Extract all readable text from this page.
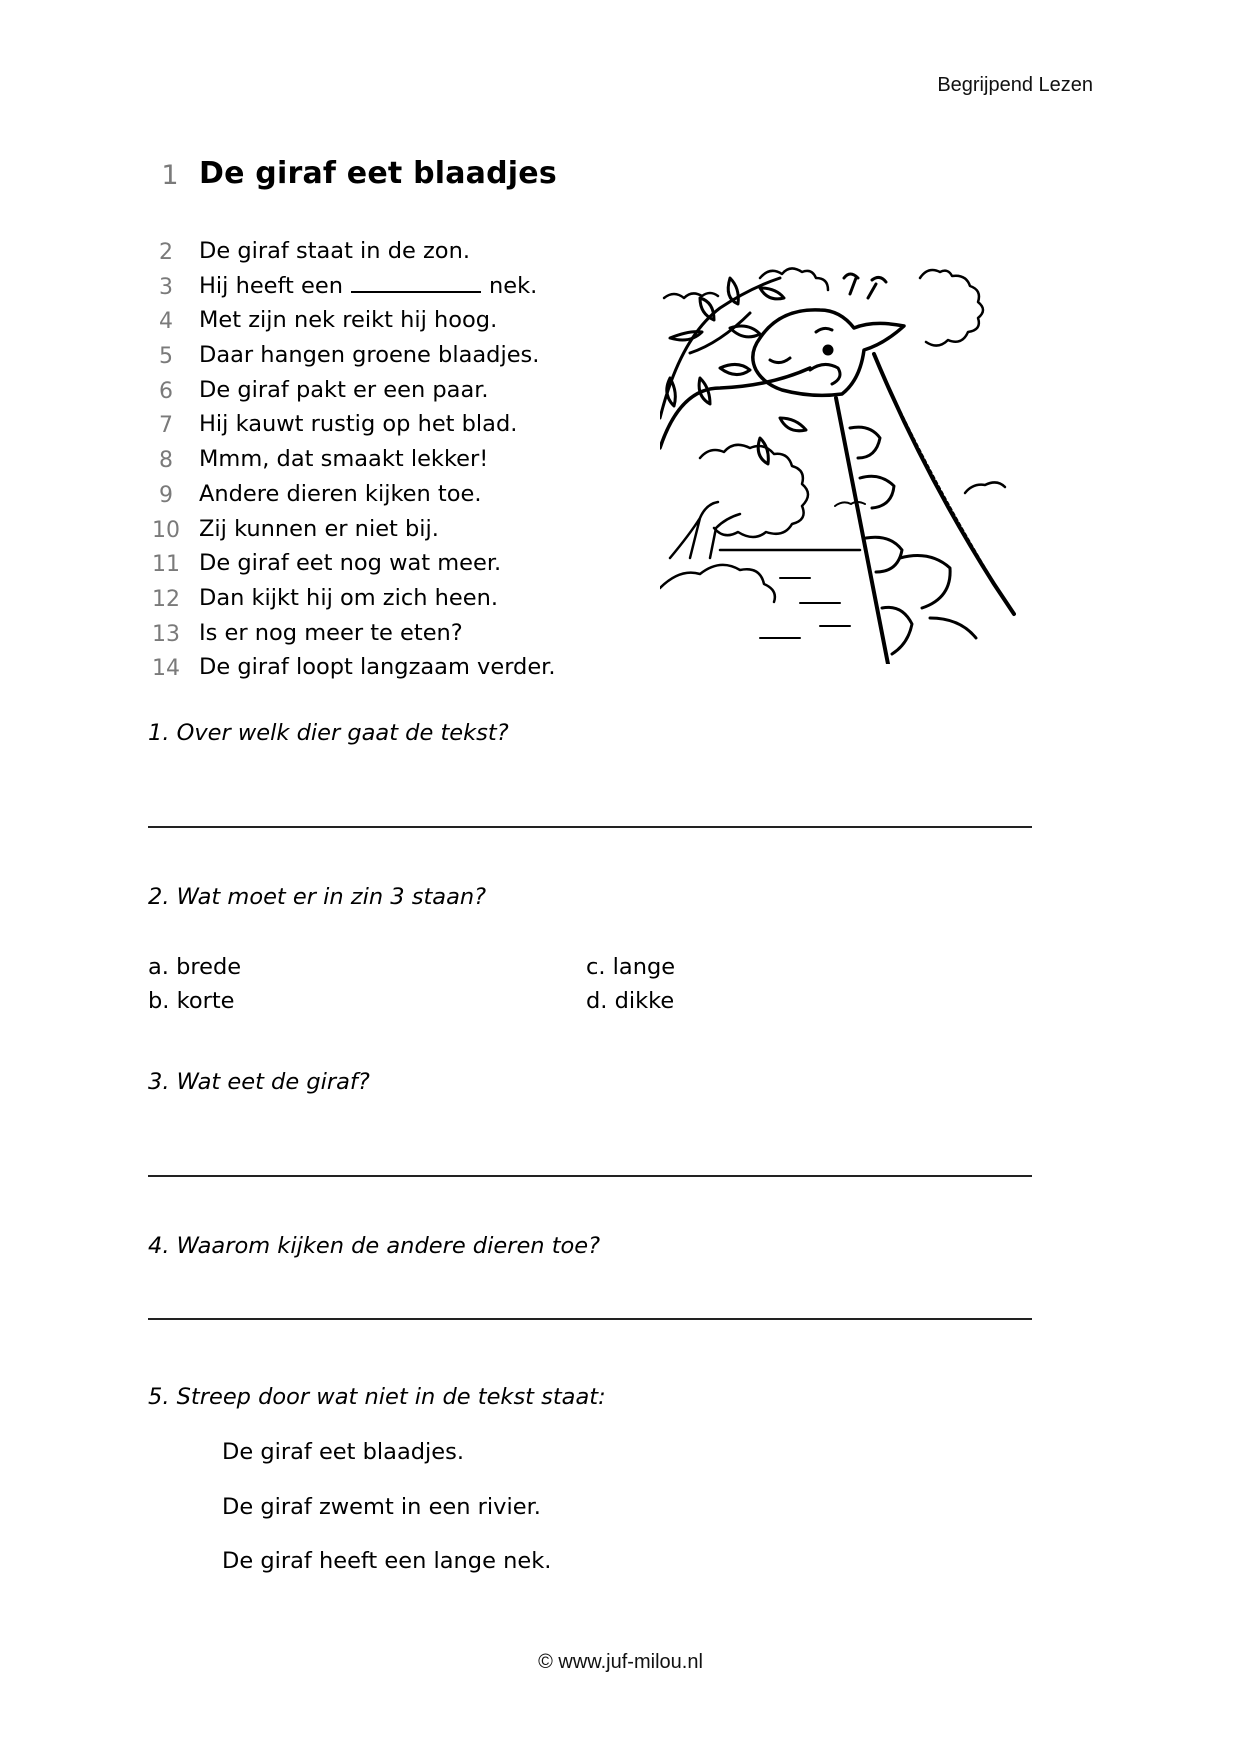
Begrijpend Lezen
1 De giraf eet blaadjes
2	De giraf staat in de zon.
3	Hij heeft een	nek.
4	Met zijn nek reikt hij hoog.
5	Daar hangen groene blaadjes.
6	De giraf pakt er een paar.
7	Hij kauwt rustig op het blad.
8	Mmm, dat smaakt lekker!
9	Andere dieren kijken toe.
10 Zij kunnen er niet bij.
11 De giraf eet nog wat meer.
12 Dan kijkt hij om zich heen.
13 Is er nog meer te eten?
14 De giraf loopt langzaam verder.
1. Over welk dier gaat de tekst?
2. Wat moet er in zin 3 staan?
a. brede
b. korte
c. lange
d. dikke
3. Wat eet de giraf?
4. Waarom kijken de andere dieren toe?
5. Streep door wat niet in de tekst staat:
De giraf eet blaadjes.
De giraf zwemt in een rivier.
De giraf heeft een lange nek.
© www.juf-milou.nl
